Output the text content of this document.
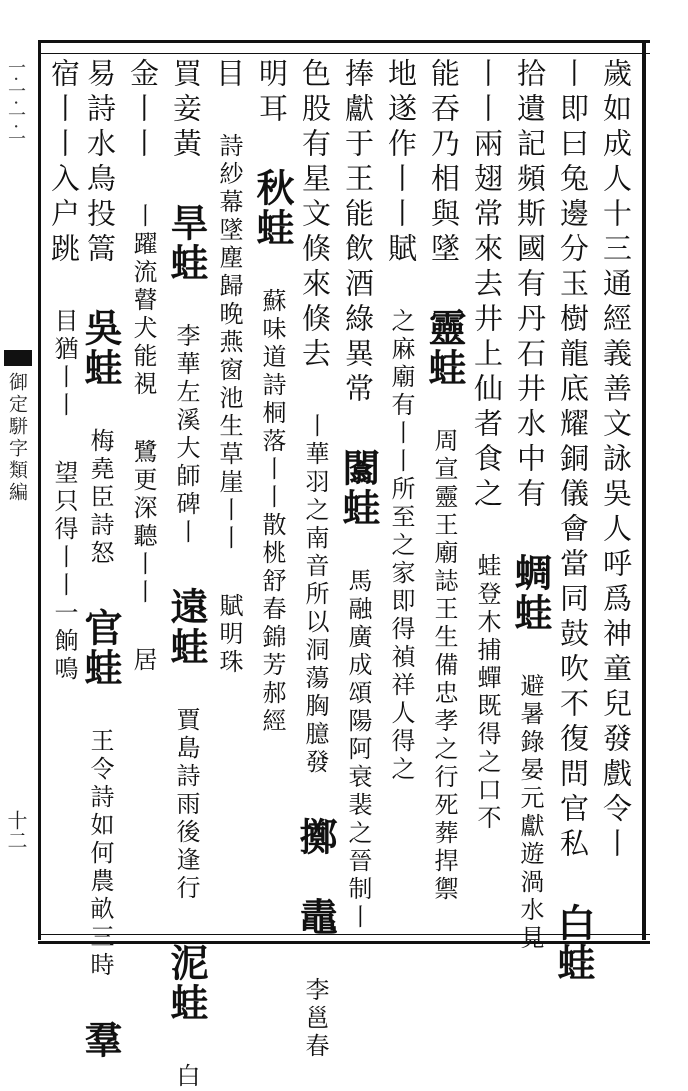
一·一·一·一
御定駢字類編
十二	歲如成人十三通經義善文詠吳人呼爲神童兒發戲令丨
丨即曰兔邊分玉樹龍底耀銅儀會當同鼓吹不復問官私 白蛙
拾遺記頻斯國有丹石井水中有 蜩蛙 避暑錄晏元獻遊渦水見
丨丨兩翅常來去井上仙者食之 蛙登木捕蟬既得之口不
能吞乃相與墜 靈蛙 周宣靈王廟誌王生備忠孝之行死葬捍禦
地遂作丨丨賦 之麻廟有丨丨所至之家即得禎祥人得之
捧獻于王能飲酒綠異常 闟蛙 馬融廣成頌陽阿衰裴之晉制丨
色股有星文倏來倏去 丨華羽之南音所以洞蕩胸臆發 擲 鼃 李邕春
明耳 秋蛙 蘇味道詩桐落丨丨散桃舒春錦芳郝經
目 詩紗幕墜塵歸晚燕窗池生草崖丨丨 賦明珠
買妾黃 旱蛙 李華左溪大師碑丨 遠蛙 賈島詩雨後逢行 泥蛙 白
金丨丨 丨躍流瞽犬能視 鷺更深聽丨丨 居
易詩水鳥投篙 吳蛙 梅堯臣詩怒 官蛙 王令詩如何農畝三時 羣
宿丨丨入户跳 目猶丨丨 望只得丨丨一餉鳴
